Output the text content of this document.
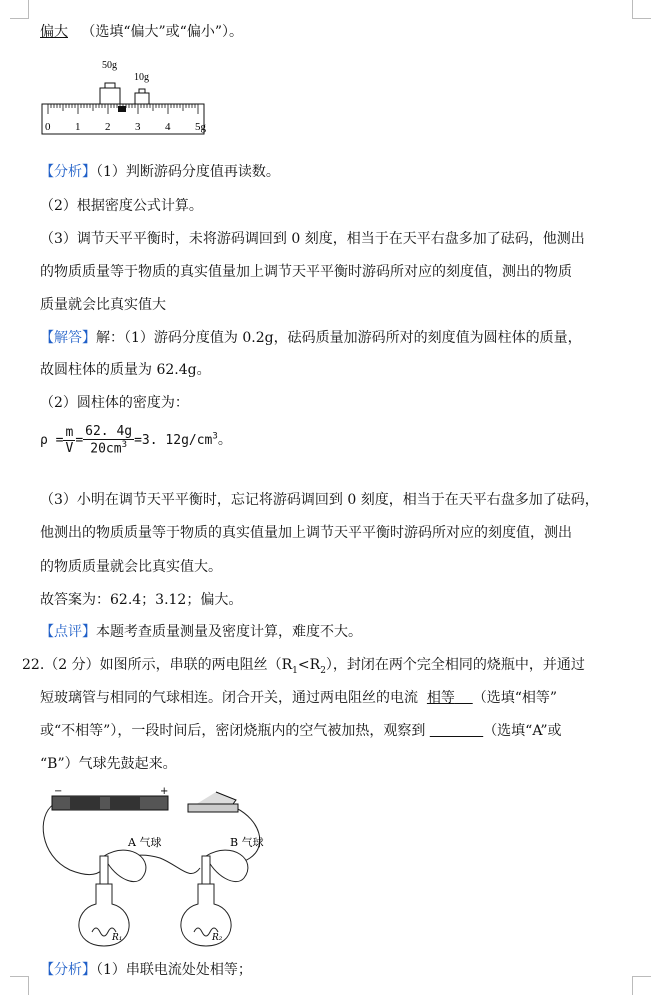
偏大 （选填“偏大”或“偏小”）。
50g
10g
0 1 2 3 4 5g
【分析】（1）判断游码分度值再读数。
（2）根据密度公式计算。
（3）调节天平平衡时，未将游码调回到 0 刻度，相当于在天平右盘多加了砝码，他测出
的物质质量等于物质的真实值量加上调节天平平衡时游码所对应的刻度值，测出的物质
质量就会比真实值大
【解答】解：（1）游码分度值为 0.2g，砝码质量加游码所对的刻度值为圆柱体的质量，
故圆柱体的质量为 62.4g。
（2）圆柱体的密度为：
$\rho = \frac{m}{V} = \frac{62. 4g}{20cm^3} =3$. $12g/cm^3$。
（3）小明在调节天平平衡时，忘记将游码调回到 0 刻度，相当于在天平右盘多加了砝码，
他测出的物质质量等于物质的真实值量加上调节天平平衡时游码所对应的刻度值，测出
的物质质量就会比真实值大。
故答案为：62.4；3.12；偏大。
【点评】本题考查质量测量及密度计算，难度不大。
22.（2 分）如图所示，串联的两电阻丝$(R_1<R_2)$，封闭在两个完全相同的烧瓶中，并通过
短玻璃管与相同的气球相连。闭合开关，通过两电阻丝的电流 相等 （选填“相等”
或“不相等”），一段时间后，密闭烧瓶内的空气被加热，观察到	（选填“A”或
“B”）气球先鼓起来。
−	+
A 气球	B 气球
R₁	R₂
【分析】（1）串联电流处处相等；
